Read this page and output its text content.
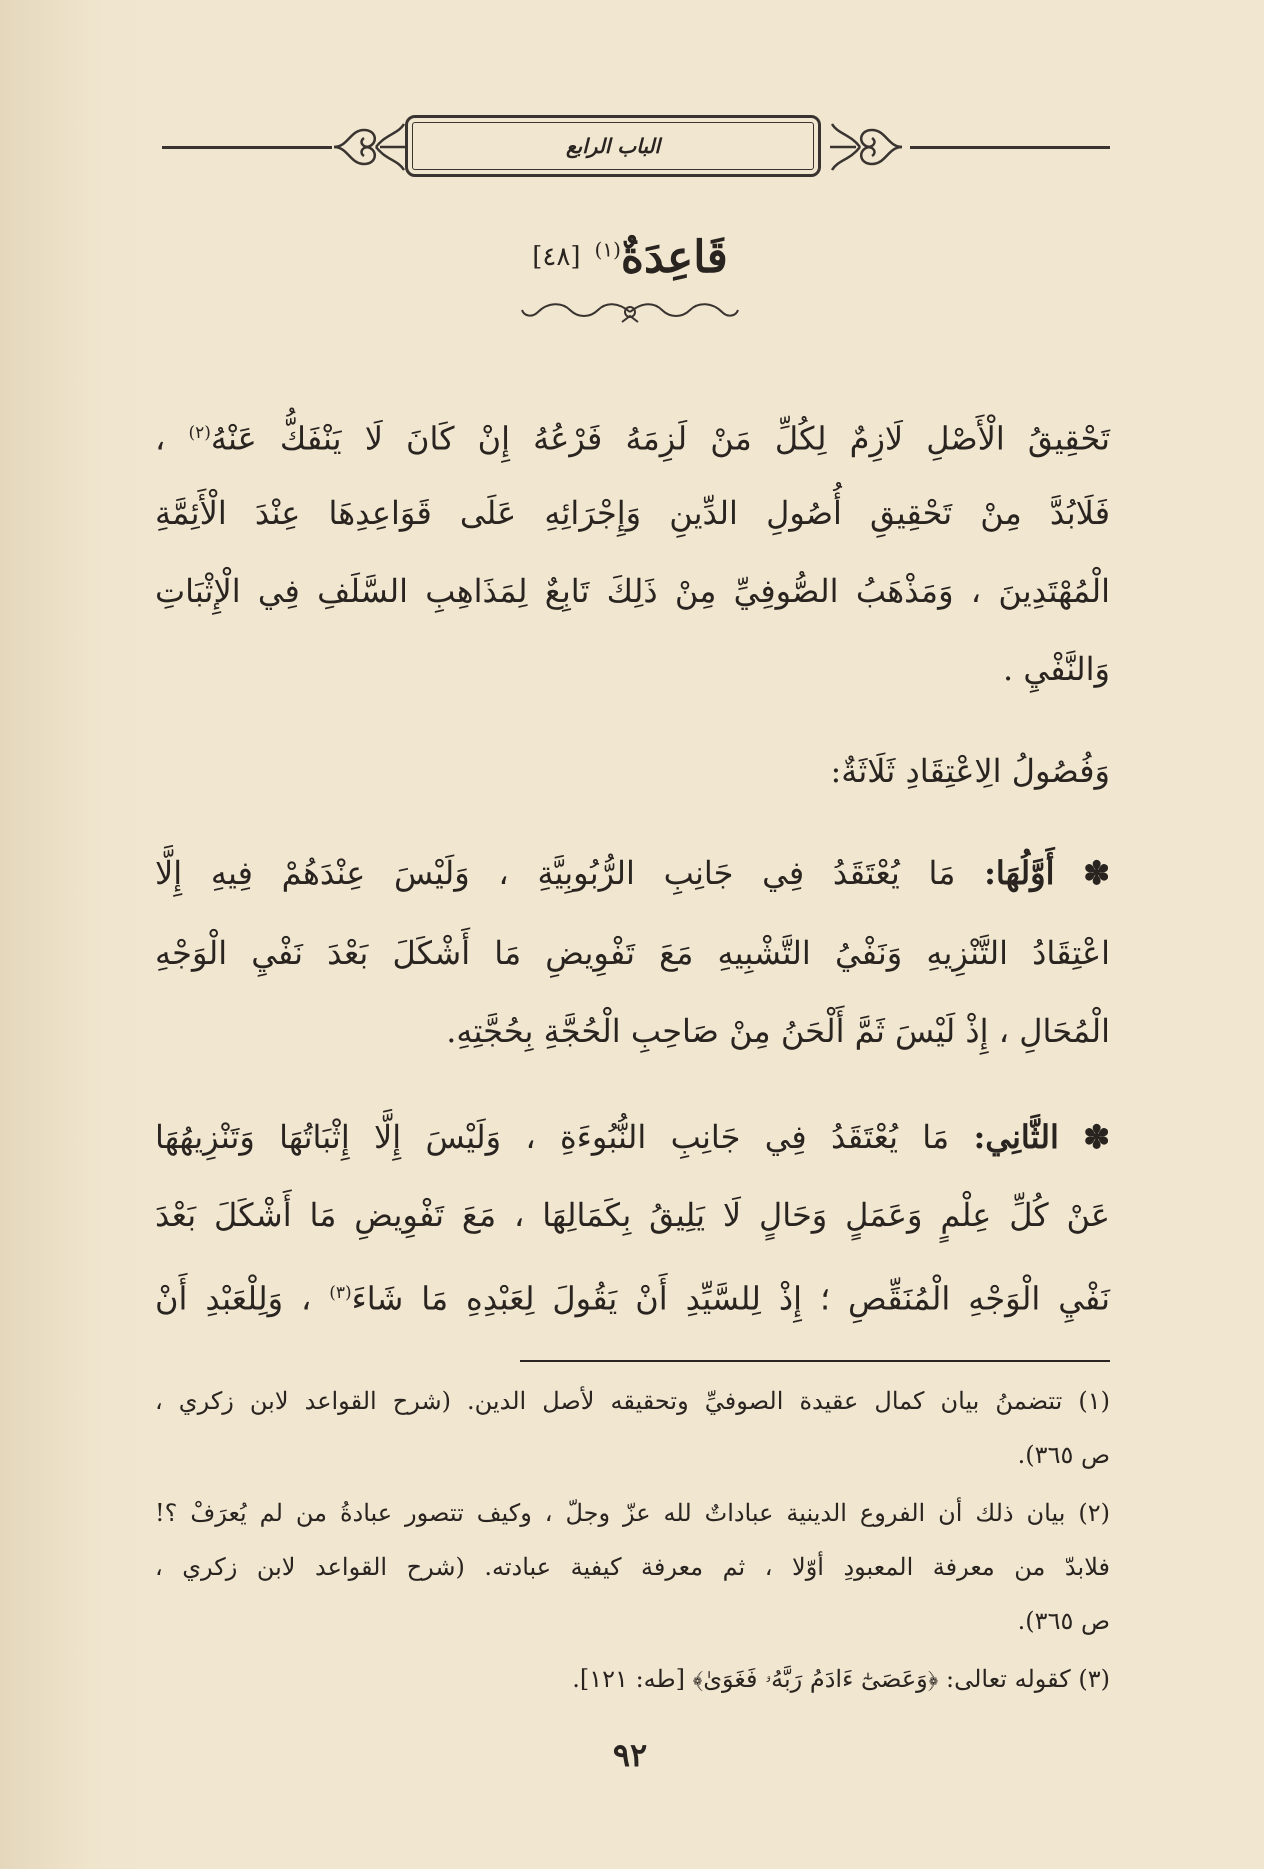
الباب الرابع
قَاعِدَةٌ$^{(١)}$
[٤٨]
تَحْقِيقُ الْأَصْلِ لَازِمٌ لِكُلِّ مَنْ لَزِمَهُ فَرْعُهُ إِنْ كَانَ لَا يَنْفَكُّ عَنْهُ$^{(٢)}$ ،
فَلَابُدَّ مِنْ تَحْقِيقِ أُصُولِ الدِّينِ وَإِجْرَائِهِ عَلَى قَوَاعِدِهَا عِنْدَ الْأَئِمَّةِ
الْمُهْتَدِينَ ، وَمَذْهَبُ الصُّوفِيِّ مِنْ ذَلِكَ تَابِعٌ لِمَذَاهِبِ السَّلَفِ فِي الْإِثْبَاتِ
وَالنَّفْيِ .
وَفُصُولُ الِاعْتِقَادِ ثَلَاثَةٌ:
✽ أَوَّلُهَا: مَا يُعْتَقَدُ فِي جَانِبِ الرُّبُوبِيَّةِ ، وَلَيْسَ عِنْدَهُمْ فِيهِ إِلَّا
اعْتِقَادُ التَّنْزِيهِ وَنَفْيُ التَّشْبِيهِ مَعَ تَفْوِيضِ مَا أَشْكَلَ بَعْدَ نَفْيِ الْوَجْهِ
الْمُحَالِ ، إِذْ لَيْسَ ثَمَّ أَلْحَنُ مِنْ صَاحِبِ الْحُجَّةِ بِحُجَّتِهِ.
✽ الثَّانِي: مَا يُعْتَقَدُ فِي جَانِبِ النُّبُوءَةِ ، وَلَيْسَ إِلَّا إِثْبَاتُهَا وَتَنْزِيهُهَا
عَنْ كُلِّ عِلْمٍ وَعَمَلٍ وَحَالٍ لَا يَلِيقُ بِكَمَالِهَا ، مَعَ تَفْوِيضِ مَا أَشْكَلَ بَعْدَ
نَفْيِ الْوَجْهِ الْمُنَقِّصِ ؛ إِذْ لِلسَّيِّدِ أَنْ يَقُولَ لِعَبْدِهِ مَا شَاءَ$^{(٣)}$ ، وَلِلْعَبْدِ أَنْ
(١) تتضمنُ بيان كمال عقيدة الصوفيِّ وتحقيقه لأصل الدين. (شرح القواعد لابن زكري ،
ص ٣٦٥).
(٢) بيان ذلك أن الفروع الدينية عباداتٌ لله عزّ وجلّ ، وكيف تتصور عبادةُ من لم يُعرَفْ ؟!
فلابدّ من معرفة المعبودِ أوّلا ، ثم معرفة كيفية عبادته. (شرح القواعد لابن زكري ،
ص ٣٦٥).
(٣) كقوله تعالى: ﴿وَعَصَىٰٓ ءَادَمُ رَبَّهُۥ فَغَوَىٰ﴾ [طه: ١٢١].
٩٢
